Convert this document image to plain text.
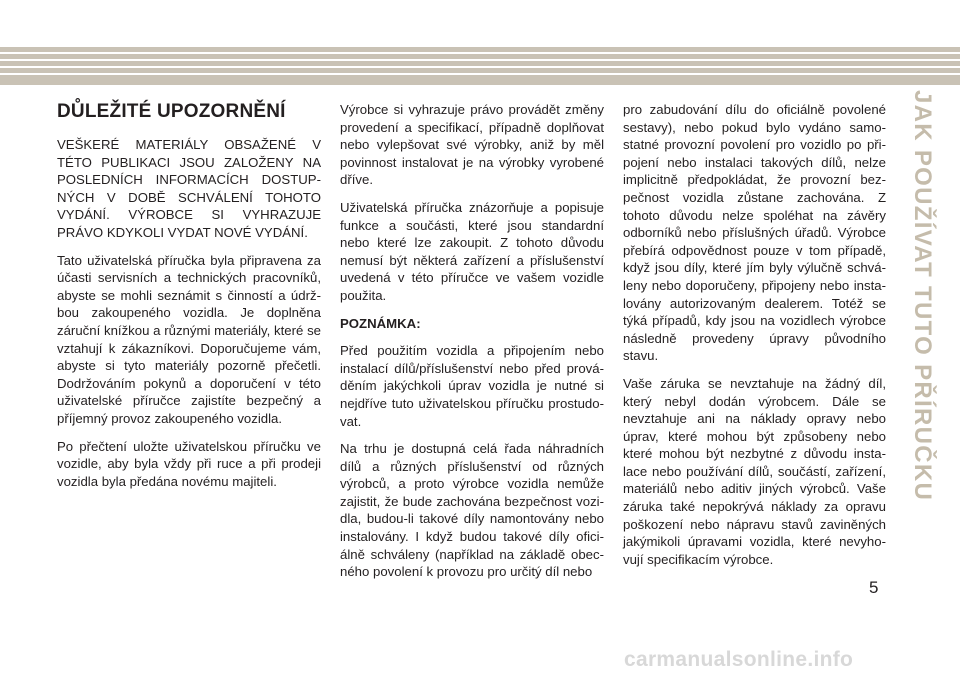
DŮLEŽITÉ UPOZORNĚNÍ

VEŠKERÉ MATERIÁLY OBSAŽENÉ V TÉTO PUBLIKACI JSOU ZALOŽENY NA POSLEDNÍCH INFORMACÍCH DOSTUPNÝCH V DOBĚ SCHVÁLENÍ TOHOTO VYDÁNÍ. VÝROBCE SI VYHRAZUJE PRÁVO KDYKOLI VYDAT NOVÉ VYDÁNÍ.

Tato uživatelská příručka byla připravena za účasti servisních a technických pracovníků, abyste se mohli seznámit s činností a údržbou zakoupeného vozidla. Je doplněna záruční knížkou a různými materiály, které se vztahují k zákazníkovi. Doporučujeme vám, abyste si tyto materiály pozorně přečetli. Dodržováním pokynů a doporučení v této uživatelské příručce zajistíte bezpečný a příjemný provoz zakoupeného vozidla.

Po přečtení uložte uživatelskou příručku ve vozidle, aby byla vždy při ruce a při prodeji vozidla byla předána novému majiteli.

Výrobce si vyhrazuje právo provádět změny provedení a specifikací, případně doplňovat nebo vylepšovat své výrobky, aniž by měl povinnost instalovat je na výrobky vyrobené dříve.

Uživatelská příručka znázorňuje a popisuje funkce a součásti, které jsou standardní nebo které lze zakoupit. Z tohoto důvodu nemusí být některá zařízení a příslušenství uvedená v této příručce ve vašem vozidle použita.

POZNÁMKA:

Před použitím vozidla a připojením nebo instalací dílů/příslušenství nebo před prováděním jakýchkoli úprav vozidla je nutné si nejdříve tuto uživatelskou příručku prostudovat.

Na trhu je dostupná celá řada náhradních dílů a různých příslušenství od různých výrobců, a proto výrobce vozidla nemůže zajistit, že bude zachována bezpečnost vozidla, budou-li takové díly namontovány nebo instalovány. I když budou takové díly oficiálně schváleny (například na základě obecného povolení k provozu pro určitý díl nebo

pro zabudování dílu do oficiálně povolené sestavy), nebo pokud bylo vydáno samostatné provozní povolení pro vozidlo po připojení nebo instalaci takových dílů, nelze implicitně předpokládat, že provozní bezpečnost vozidla zůstane zachována. Z tohoto důvodu nelze spoléhat na závěry odborníků nebo příslušných úřadů. Výrobce přebírá odpovědnost pouze v tom případě, když jsou díly, které jím byly výlučně schváleny nebo doporučeny, připojeny nebo instalovány autorizovaným dealerem. Totéž se týká případů, kdy jsou na vozidlech výrobce následně provedeny úpravy původního stavu.

Vaše záruka se nevztahuje na žádný díl, který nebyl dodán výrobcem. Dále se nevztahuje ani na náklady opravy nebo úprav, které mohou být způsobeny nebo které mohou být nezbytné z důvodu instalace nebo používání dílů, součástí, zařízení, materiálů nebo aditiv jiných výrobců. Vaše záruka také nepokrývá náklady za opravu poškození nebo nápravu stavů zaviněných jakýmikoli úpravami vozidla, které nevyhovují specifikacím výrobce.

JAK POUŽÍVAT TUTO PŘÍRUČKU
5
carmanualsonline.info
